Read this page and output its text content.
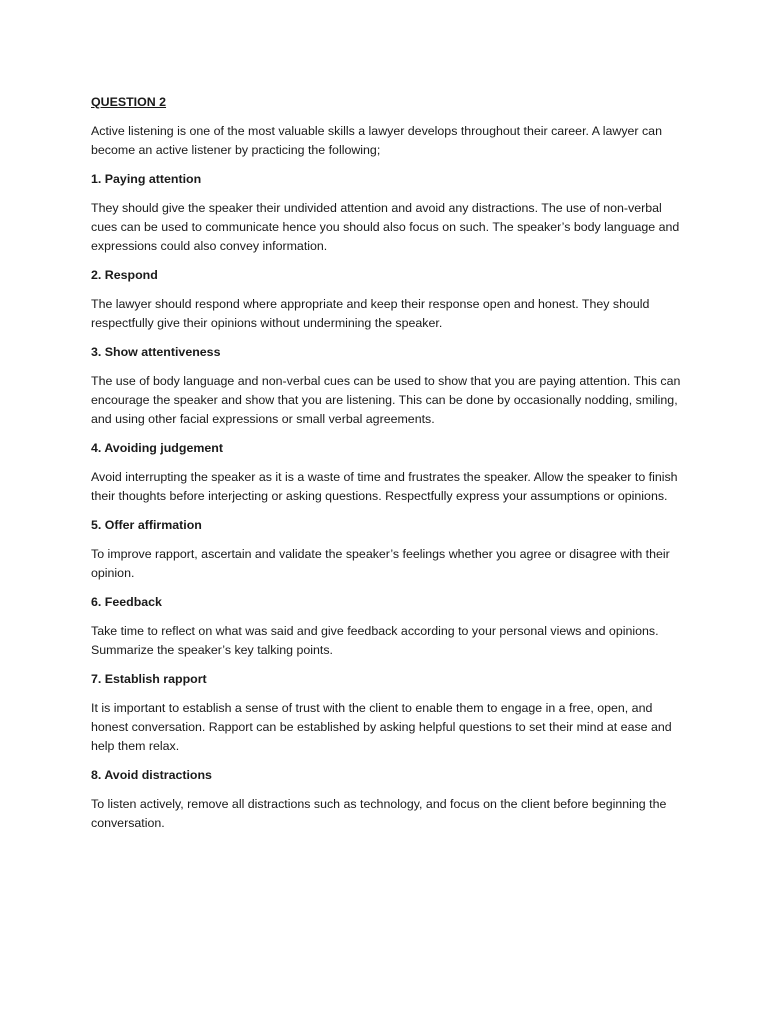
QUESTION 2

Active listening is one of the most valuable skills a lawyer develops throughout their career. A lawyer can become an active listener by practicing the following;

1. Paying attention

They should give the speaker their undivided attention and avoid any distractions. The use of non-verbal cues can be used to communicate hence you should also focus on such. The speaker’s body language and expressions could also convey information.

2. Respond

The lawyer should respond where appropriate and keep their response open and honest. They should respectfully give their opinions without undermining the speaker.

3. Show attentiveness

The use of body language and non-verbal cues can be used to show that you are paying attention. This can encourage the speaker and show that you are listening. This can be done by occasionally nodding, smiling, and using other facial expressions or small verbal agreements.

4. Avoiding judgement

Avoid interrupting the speaker as it is a waste of time and frustrates the speaker. Allow the speaker to finish their thoughts before interjecting or asking questions. Respectfully express your assumptions or opinions.

5. Offer affirmation

To improve rapport, ascertain and validate the speaker’s feelings whether you agree or disagree with their opinion.

6. Feedback

Take time to reflect on what was said and give feedback according to your personal views and opinions. Summarize the speaker’s key talking points.

7. Establish rapport

It is important to establish a sense of trust with the client to enable them to engage in a free, open, and honest conversation. Rapport can be established by asking helpful questions to set their mind at ease and help them relax.

8. Avoid distractions

To listen actively, remove all distractions such as technology, and focus on the client before beginning the conversation.
